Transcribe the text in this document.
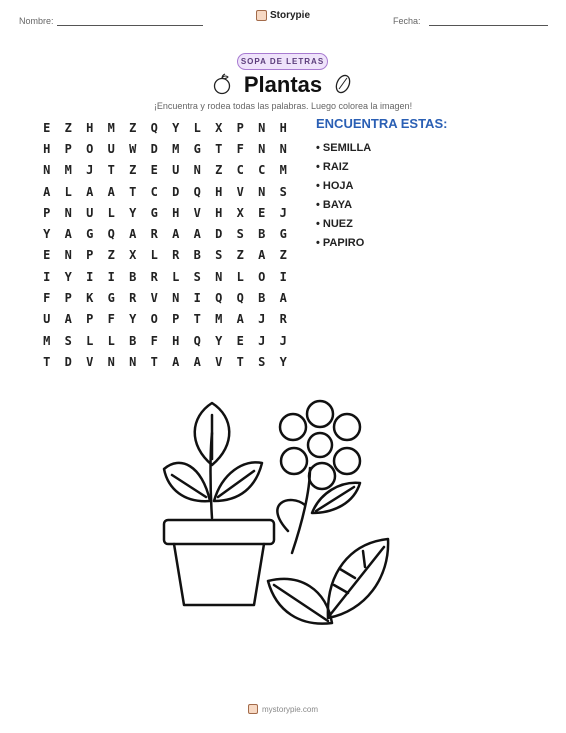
Nombre:	Storypie	Fecha:
SOPA DE LETRAS
Plantas
¡Encuentra y rodea todas las palabras. Luego colorea la imagen!
E	Z	H	M	Z	Q	Y	L	X	P	N	H
H	P	O	U	W	D	M	G	T	F	N	N
N	M	J	T	Z	E	U	N	Z	C	C	M
A	L	A	A	T	C	D	Q	H	V	N	S
P	N	U	L	Y	G	H	V	H	X	E	J
Y	A	G	Q	A	R	A	A	D	S	B	G
E	N	P	Z	X	L	R	B	S	Z	A	Z
I	Y	I	I	B	R	L	S	N	L	O	I
F	P	K	G	R	V	N	I	Q	Q	B	A
U	A	P	F	Y	O	P	T	M	A	J	R
M	S	L	L	B	F	H	Q	Y	E	J	J
T	D	V	N	N	T	A	A	V	T	S	Y
ENCUENTRA ESTAS:
• SEMILLA
• RAIZ
• HOJA
• BAYA
• NUEZ
• PAPIRO
mystorypie.com
